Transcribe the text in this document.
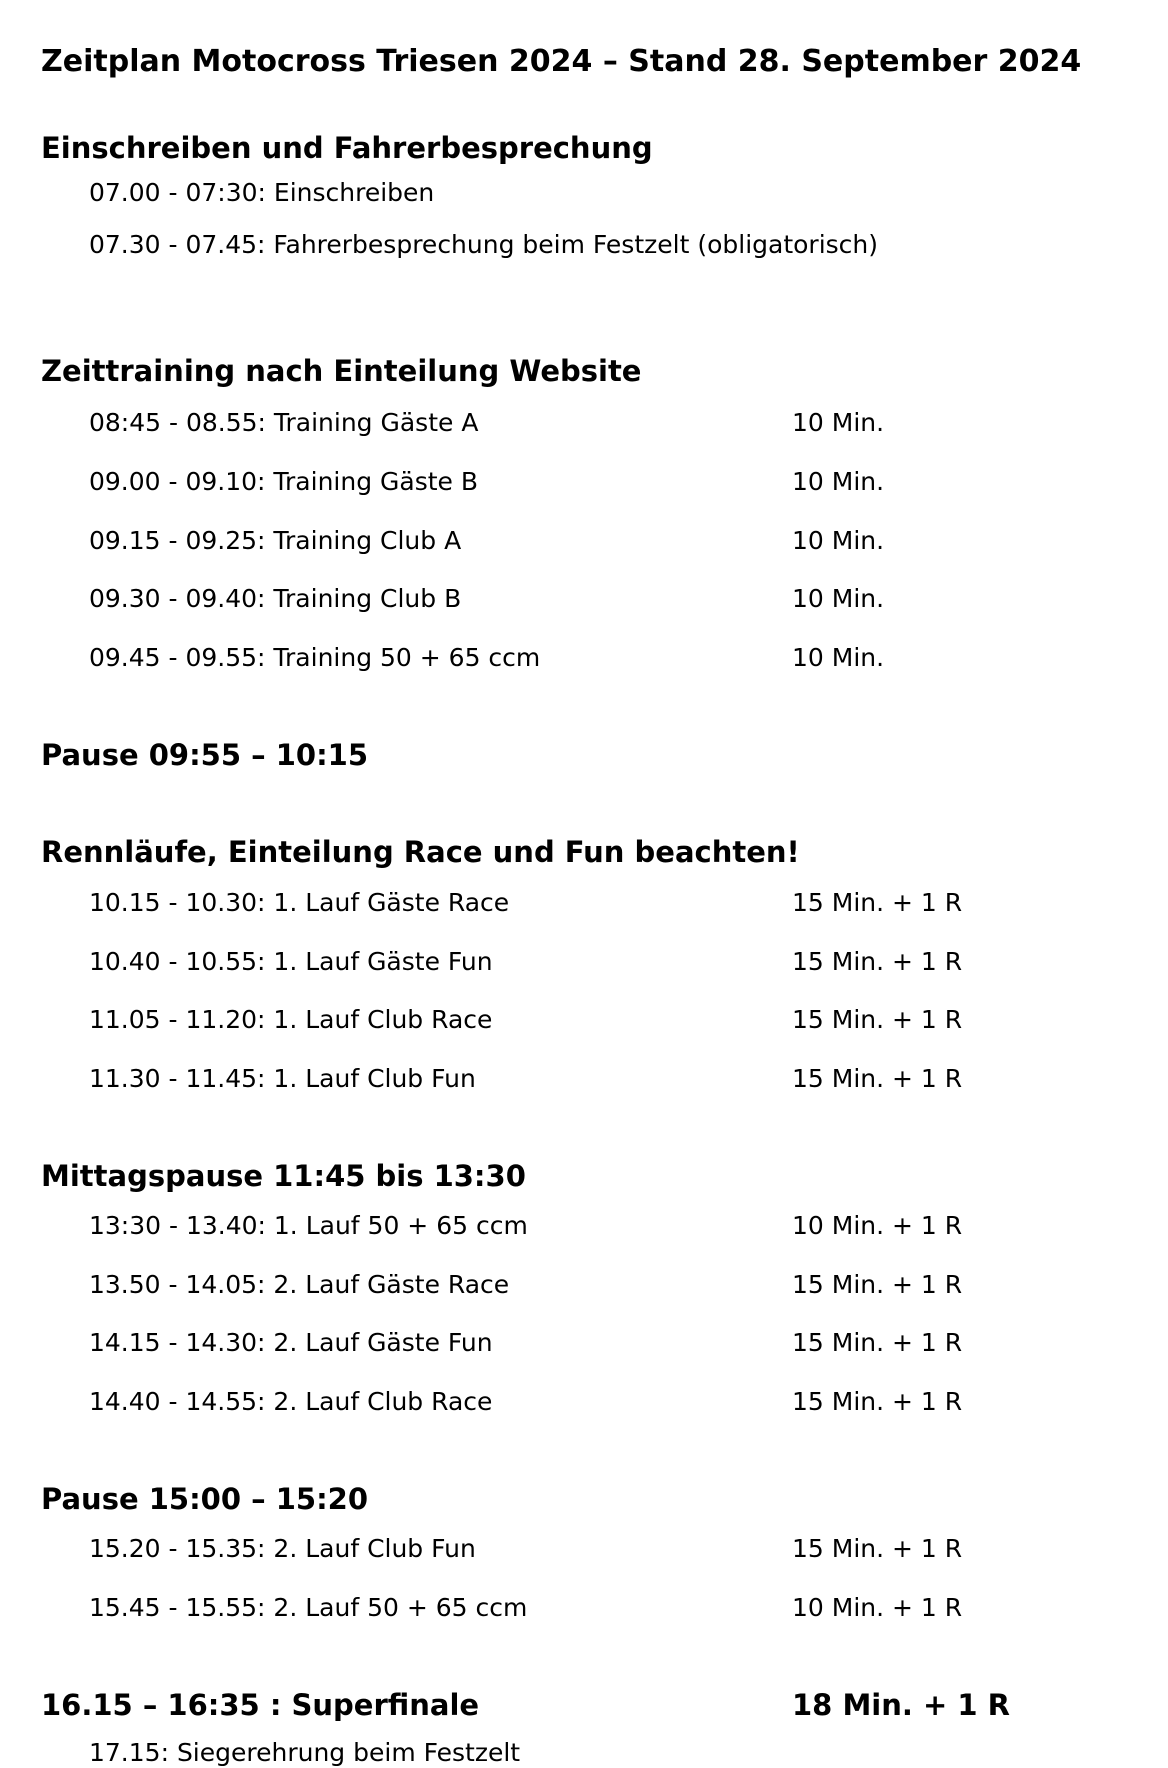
Zeitplan Motocross Triesen 2024 – Stand 28. September 2024
Einschreiben und Fahrerbesprechung
07.00 - 07:30: Einschreiben
07.30 - 07.45: Fahrerbesprechung beim Festzelt (obligatorisch)
Zeittraining nach Einteilung Website
08:45 - 08.55: Training Gäste A	10 Min.
09.00 - 09.10: Training Gäste B	10 Min.
09.15 - 09.25: Training Club A	10 Min.
09.30 - 09.40: Training Club B	10 Min.
09.45 - 09.55: Training 50 + 65 ccm	10 Min.
Pause 09:55 – 10:15
Rennläufe, Einteilung Race und Fun beachten!
10.15 - 10.30: 1. Lauf Gäste Race	15 Min. + 1 R
10.40 - 10.55: 1. Lauf Gäste Fun	15 Min. + 1 R
11.05 - 11.20: 1. Lauf Club Race	15 Min. + 1 R
11.30 - 11.45: 1. Lauf Club Fun	15 Min. + 1 R
Mittagspause 11:45 bis 13:30
13:30 - 13.40: 1. Lauf 50 + 65 ccm	10 Min. + 1 R
13.50 - 14.05: 2. Lauf Gäste Race	15 Min. + 1 R
14.15 - 14.30: 2. Lauf Gäste Fun	15 Min. + 1 R
14.40 - 14.55: 2. Lauf Club Race	15 Min. + 1 R
Pause 15:00 – 15:20
15.20 - 15.35: 2. Lauf Club Fun	15 Min. + 1 R
15.45 - 15.55: 2. Lauf 50 + 65 ccm	10 Min. + 1 R
16.15 – 16:35 : Superfinale	18 Min. + 1 R
17.15: Siegerehrung beim Festzelt
